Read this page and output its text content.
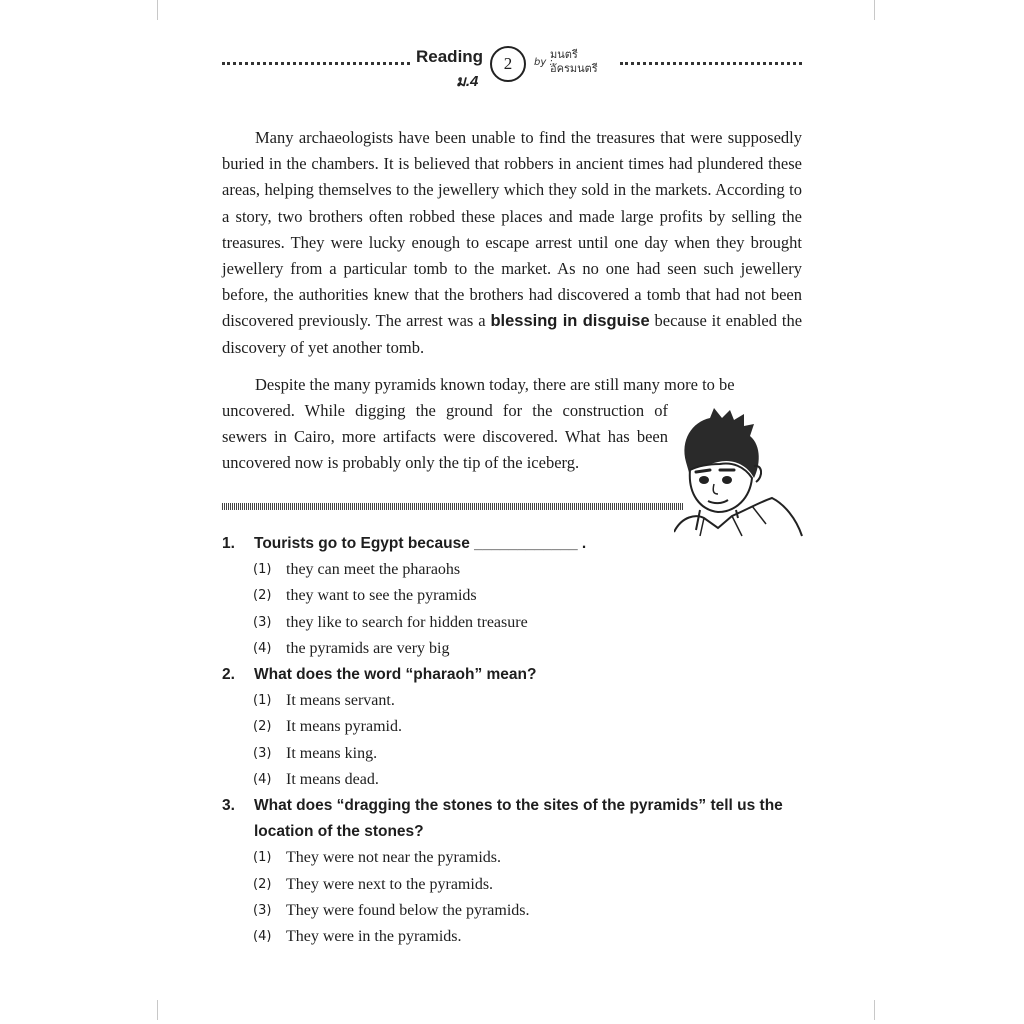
Reading
ม.4
2	by :
มนตรี
อัครมนตรี

Many archaeologists have been unable to find the treasures that were supposedly buried in the chambers. It is believed that robbers in ancient times had plundered these areas, helping themselves to the jewellery which they sold in the markets. According to a story, two brothers often robbed these places and made large profits by selling the treasures. They were lucky enough to escape arrest until one day when they brought jewellery from a particular tomb to the market. As no one had seen such jewellery before, the authorities knew that the brothers had discovered a tomb that had not been discovered previously. The arrest was a blessing in disguise because it enabled the discovery of yet another tomb.

Despite the many pyramids known today, there are still many more to be

uncovered. While digging the ground for the construction of sewers in Cairo, more artifacts were discovered. What has been uncovered now is probably only the tip of the iceberg.

1. Tourists go to Egypt because ____________ .
(1) they can meet the pharaohs
(2) they want to see the pyramids
(3) they like to search for hidden treasure
(4) the pyramids are very big
2. What does the word “pharaoh” mean?
(1) It means servant.
(2) It means pyramid.
(3) It means king.
(4) It means dead.
3. What does “dragging the stones to the sites of the pyramids” tell us the location of the stones?
(1) They were not near the pyramids.
(2) They were next to the pyramids.
(3) They were found below the pyramids.
(4) They were in the pyramids.
